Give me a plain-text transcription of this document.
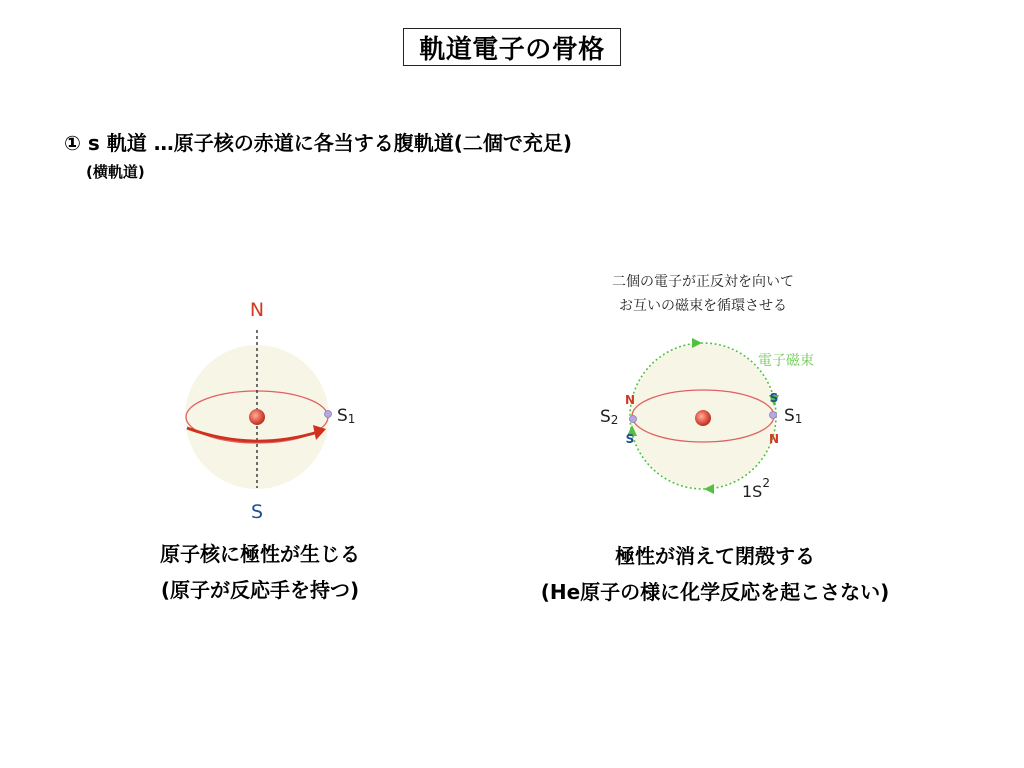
軌道電子の骨格
① s 軌道 …原子核の赤道に各当する腹軌道(二個で充足)
(横軌道)
N
S
S1
電子磁束
N
S
S
N
S2	S1
$1S^2$
二個の電子が正反対を向いて
お互いの磁束を循環させる
原子核に極性が生じる
(原子が反応手を持つ)
極性が消えて閉殻する
(He原子の様に化学反応を起こさない)
